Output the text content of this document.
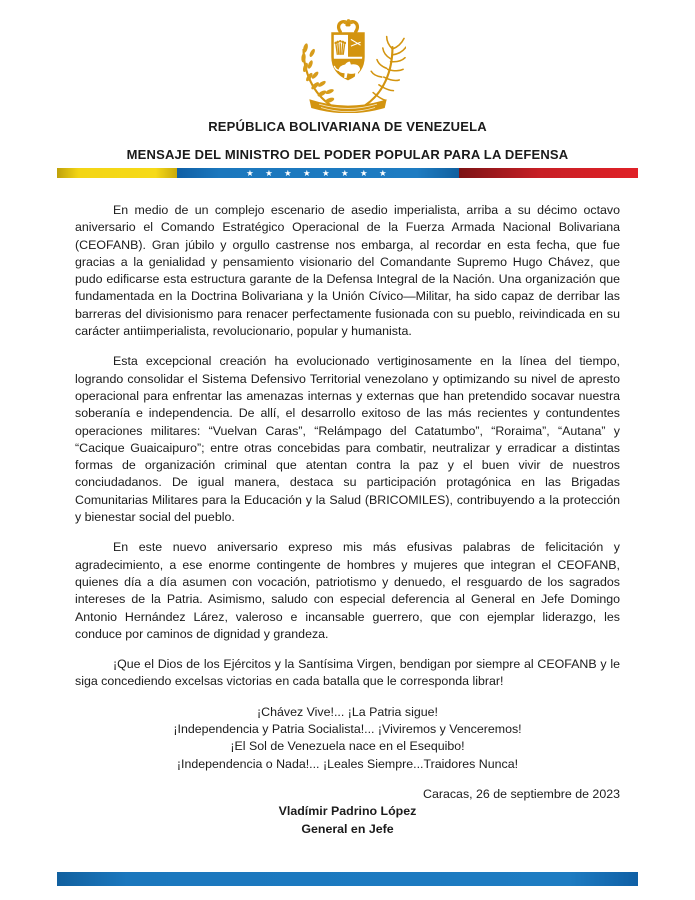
REPÚBLICA BOLIVARIANA DE VENEZUELA
MENSAJE DEL MINISTRO DEL PODER POPULAR PARA LA DEFENSA
★ ★ ★ ★ ★ ★ ★ ★

En medio de un complejo escenario de asedio imperialista, arriba a su décimo octavo aniversario el Comando Estratégico Operacional de la Fuerza Armada Nacional Bolivariana (CEOFANB). Gran júbilo y orgullo castrense nos embarga, al recordar en esta fecha, que fue gracias a la genialidad y pensamiento visionario del Comandante Supremo Hugo Chávez, que pudo edificarse esta estructura garante de la Defensa Integral de la Nación. Una organización que fundamentada en la Doctrina Bolivariana y la Unión Cívico—Militar, ha sido capaz de derribar las barreras del divisionismo para renacer perfectamente fusionada con su pueblo, reivindicada en su carácter antiimperialista, revolucionario, popular y humanista.

Esta excepcional creación ha evolucionado vertiginosamente en la línea del tiempo, logrando consolidar el Sistema Defensivo Territorial venezolano y optimizando su nivel de apresto operacional para enfrentar las amenazas internas y externas que han pretendido socavar nuestra soberanía e independencia. De allí, el desarrollo exitoso de las más recientes y contundentes operaciones militares: “Vuelvan Caras”, “Relámpago del Catatumbo”, “Roraima”, “Autana” y “Cacique Guaicaipuro”; entre otras concebidas para combatir, neutralizar y erradicar a distintas formas de organización criminal que atentan contra la paz y el buen vivir de nuestros conciudadanos. De igual manera, destaca su participación protagónica en las Brigadas Comunitarias Militares para la Educación y la Salud (BRICOMILES), contribuyendo a la protección y bienestar social del pueblo.

En este nuevo aniversario expreso mis más efusivas palabras de felicitación y agradecimiento, a ese enorme contingente de hombres y mujeres que integran el CEOFANB, quienes día a día asumen con vocación, patriotismo y denuedo, el resguardo de los sagrados intereses de la Patria. Asimismo, saludo con especial deferencia al General en Jefe Domingo Antonio Hernández Lárez, valeroso e incansable guerrero, que con ejemplar liderazgo, les conduce por caminos de dignidad y grandeza.

¡Que el Dios de los Ejércitos y la Santísima Virgen, bendigan por siempre al CEOFANB y le siga concediendo excelsas victorias en cada batalla que le corresponda librar!

¡Chávez Vive!... ¡La Patria sigue!

¡Independencia y Patria Socialista!... ¡Viviremos y Venceremos!

¡El Sol de Venezuela nace en el Esequibo!

¡Independencia o Nada!... ¡Leales Siempre...Traidores Nunca!

Caracas, 26 de septiembre de 2023
Vladímir Padrino López
General en Jefe
